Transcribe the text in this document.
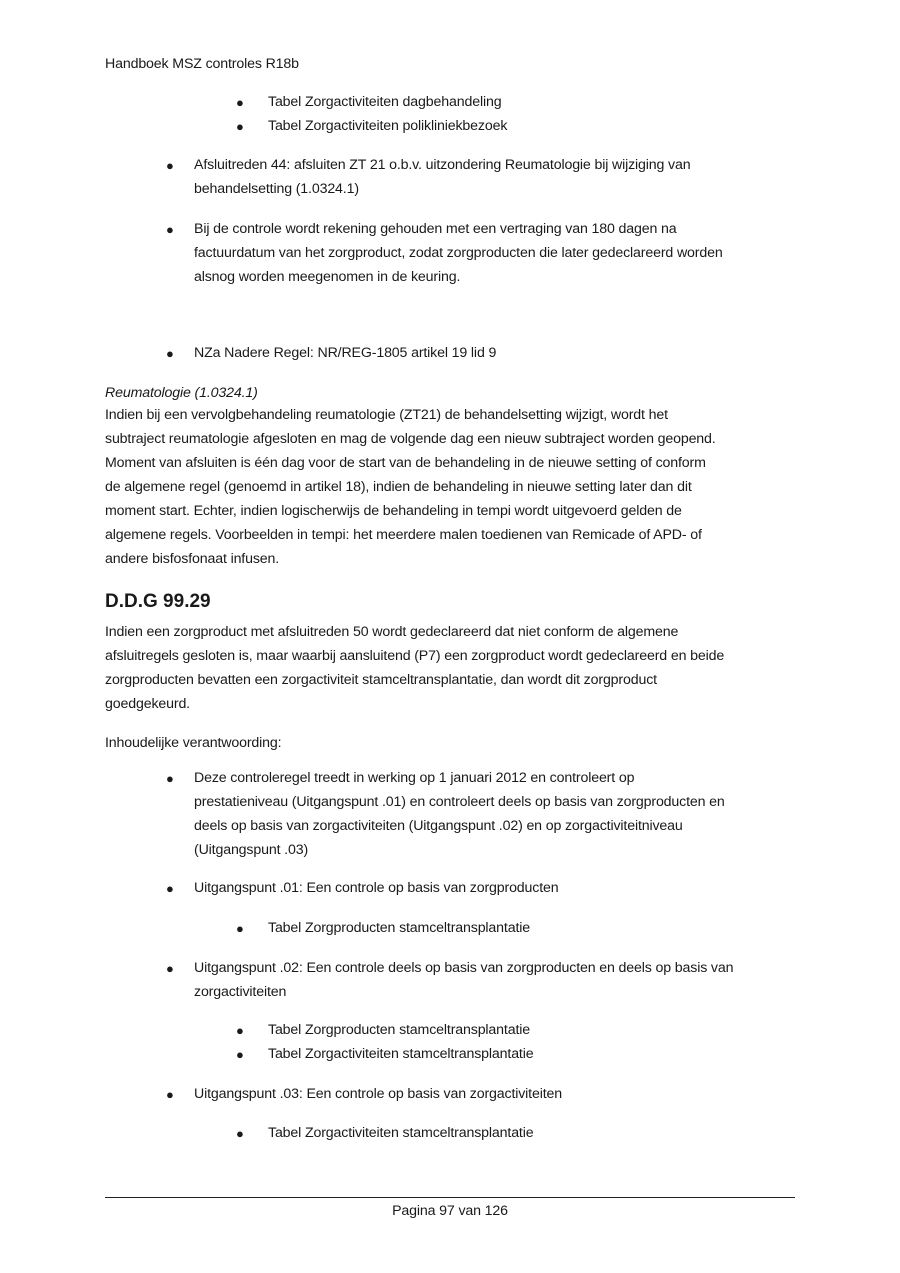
Handboek MSZ controles R18b
● Tabel Zorgactiviteiten dagbehandeling
● Tabel Zorgactiviteiten polikliniekbezoek
● Afsluitreden 44: afsluiten ZT 21 o.b.v. uitzondering Reumatologie bij wijziging van
behandelsetting (1.0324.1)
● Bij de controle wordt rekening gehouden met een vertraging van 180 dagen na
factuurdatum van het zorgproduct, zodat zorgproducten die later gedeclareerd worden
alsnog worden meegenomen in de keuring.
● NZa Nadere Regel: NR/REG-1805 artikel 19 lid 9
Reumatologie (1.0324.1)
Indien bij een vervolgbehandeling reumatologie (ZT21) de behandelsetting wijzigt, wordt het
subtraject reumatologie afgesloten en mag de volgende dag een nieuw subtraject worden geopend.
Moment van afsluiten is één dag voor de start van de behandeling in de nieuwe setting of conform
de algemene regel (genoemd in artikel 18), indien de behandeling in nieuwe setting later dan dit
moment start. Echter, indien logischerwijs de behandeling in tempi wordt uitgevoerd gelden de
algemene regels. Voorbeelden in tempi: het meerdere malen toedienen van Remicade of APD- of
andere bisfosfonaat infusen.
D.D.G 99.29
Indien een zorgproduct met afsluitreden 50 wordt gedeclareerd dat niet conform de algemene
afsluitregels gesloten is, maar waarbij aansluitend (P7) een zorgproduct wordt gedeclareerd en beide
zorgproducten bevatten een zorgactiviteit stamceltransplantatie, dan wordt dit zorgproduct
goedgekeurd.
Inhoudelijke verantwoording:
● Deze controleregel treedt in werking op 1 januari 2012 en controleert op
prestatieniveau (Uitgangspunt .01) en controleert deels op basis van zorgproducten en
deels op basis van zorgactiviteiten (Uitgangspunt .02) en op zorgactiviteitniveau
(Uitgangspunt .03)
● Uitgangspunt .01: Een controle op basis van zorgproducten
● Tabel Zorgproducten stamceltransplantatie
● Uitgangspunt .02: Een controle deels op basis van zorgproducten en deels op basis van
zorgactiviteiten
● Tabel Zorgproducten stamceltransplantatie
● Tabel Zorgactiviteiten stamceltransplantatie
● Uitgangspunt .03: Een controle op basis van zorgactiviteiten
● Tabel Zorgactiviteiten stamceltransplantatie
Pagina 97 van 126
